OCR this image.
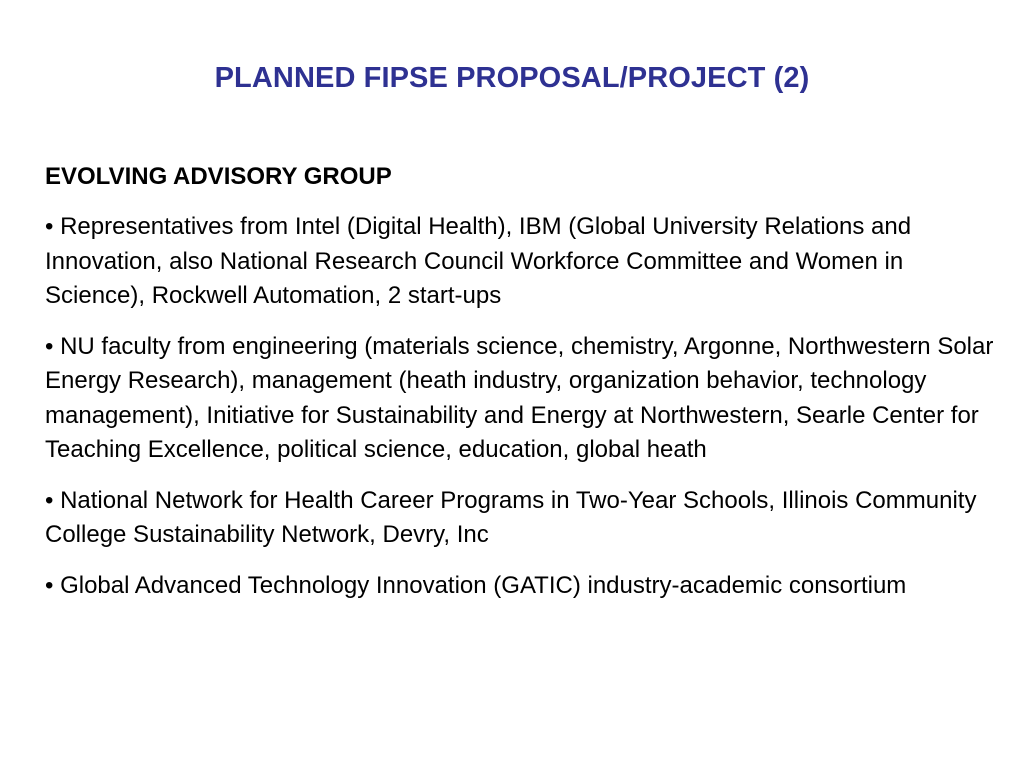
PLANNED FIPSE PROPOSAL/PROJECT (2)
EVOLVING ADVISORY GROUP
• Representatives from Intel (Digital Health), IBM (Global University Relations and Innovation, also National Research Council Workforce Committee and Women in Science), Rockwell Automation, 2 start-ups
• NU faculty from engineering (materials science, chemistry, Argonne, Northwestern Solar Energy Research), management (heath industry, organization behavior, technology management), Initiative for Sustainability and Energy at Northwestern, Searle Center for Teaching Excellence, political science, education, global heath
• National Network for Health Career Programs in Two-Year Schools, Illinois Community College Sustainability Network, Devry, Inc
• Global Advanced Technology Innovation (GATIC) industry-academic consortium
